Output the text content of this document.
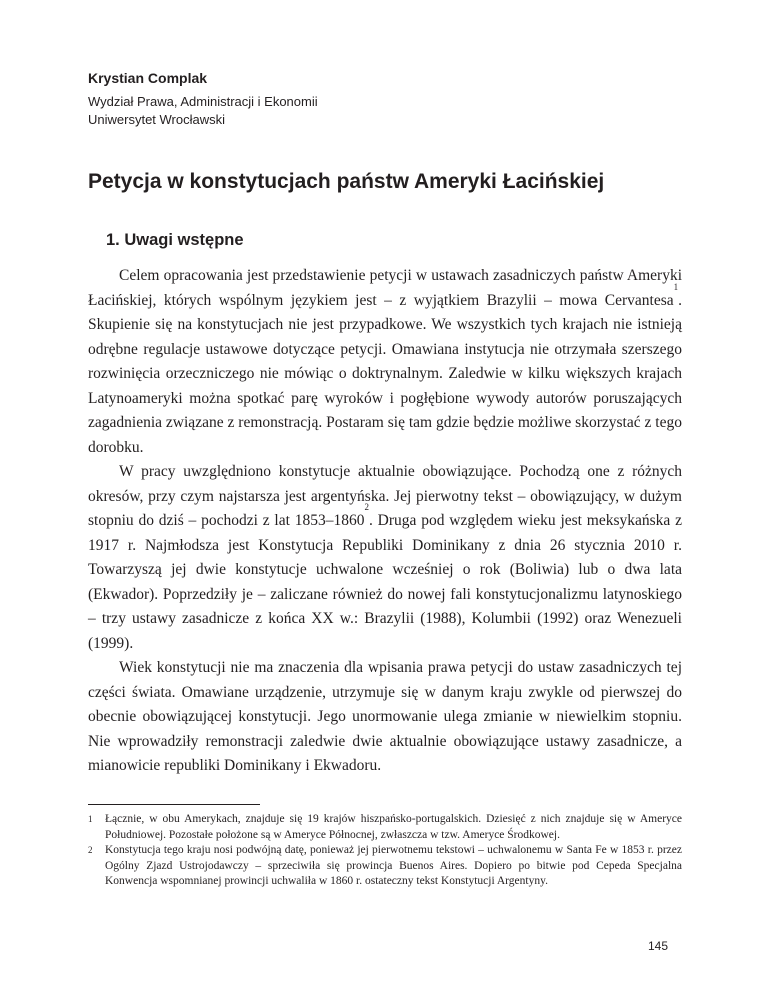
Krystian Complak
Wydział Prawa, Administracji i Ekonomii
Uniwersytet Wrocławski
Petycja w konstytucjach państw Ameryki Łacińskiej
1. Uwagi wstępne

Celem opracowania jest przedstawienie petycji w ustawach zasadniczych państw Ameryki Łacińskiej, których wspólnym językiem jest – z wyjątkiem Brazylii – mowa Cervantesa$^1$. Skupienie się na konstytucjach nie jest przypadkowe. We wszystkich tych krajach nie istnieją odrębne regulacje ustawowe dotyczące petycji. Omawiana instytucja nie otrzymała szerszego rozwinięcia orzeczniczego nie mówiąc o doktrynalnym. Zaledwie w kilku większych krajach Latynoameryki można spotkać parę wyroków i pogłębione wywody autorów poruszających zagadnienia związane z remonstracją. Postaram się tam gdzie będzie możliwe skorzystać z tego dorobku.

W pracy uwzględniono konstytucje aktualnie obowiązujące. Pochodzą one z różnych okresów, przy czym najstarsza jest argentyńska. Jej pierwotny tekst – obowiązujący, w dużym stopniu do dziś – pochodzi z lat 1853–1860$^2$. Druga pod względem wieku jest meksykańska z 1917 r. Najmłodsza jest Konstytucja Republiki Dominikany z dnia 26 stycznia 2010 r. Towarzyszą jej dwie konstytucje uchwalone wcześniej o rok (Boliwia) lub o dwa lata (Ekwador). Poprzedziły je – zaliczane również do nowej fali konstytucjonalizmu latynoskiego – trzy ustawy zasadnicze z końca XX w.: Brazylii (1988), Kolumbii (1992) oraz Wenezueli (1999).

Wiek konstytucji nie ma znaczenia dla wpisania prawa petycji do ustaw zasadniczych tej części świata. Omawiane urządzenie, utrzymuje się w danym kraju zwykle od pierwszej do obecnie obowiązującej konstytucji. Jego unormowanie ulega zmianie w niewielkim stopniu. Nie wprowadziły remonstracji zaledwie dwie aktualnie obowiązujące ustawy zasadnicze, a mianowicie republiki Dominikany i Ekwadoru.

1 Łącznie, w obu Amerykach, znajduje się 19 krajów hiszpańsko-portugalskich. Dziesięć z nich znajduje się w Ameryce Południowej. Pozostałe położone są w Ameryce Północnej, zwłaszcza w tzw. Ameryce Środkowej.
2 Konstytucja tego kraju nosi podwójną datę, ponieważ jej pierwotnemu tekstowi – uchwalonemu w Santa Fe w 1853 r. przez Ogólny Zjazd Ustrojodawczy – sprzeciwiła się prowincja Buenos Aires. Dopiero po bitwie pod Cepeda Specjalna Konwencja wspomnianej prowincji uchwaliła w 1860 r. ostateczny tekst Konstytucji Argentyny.
145
